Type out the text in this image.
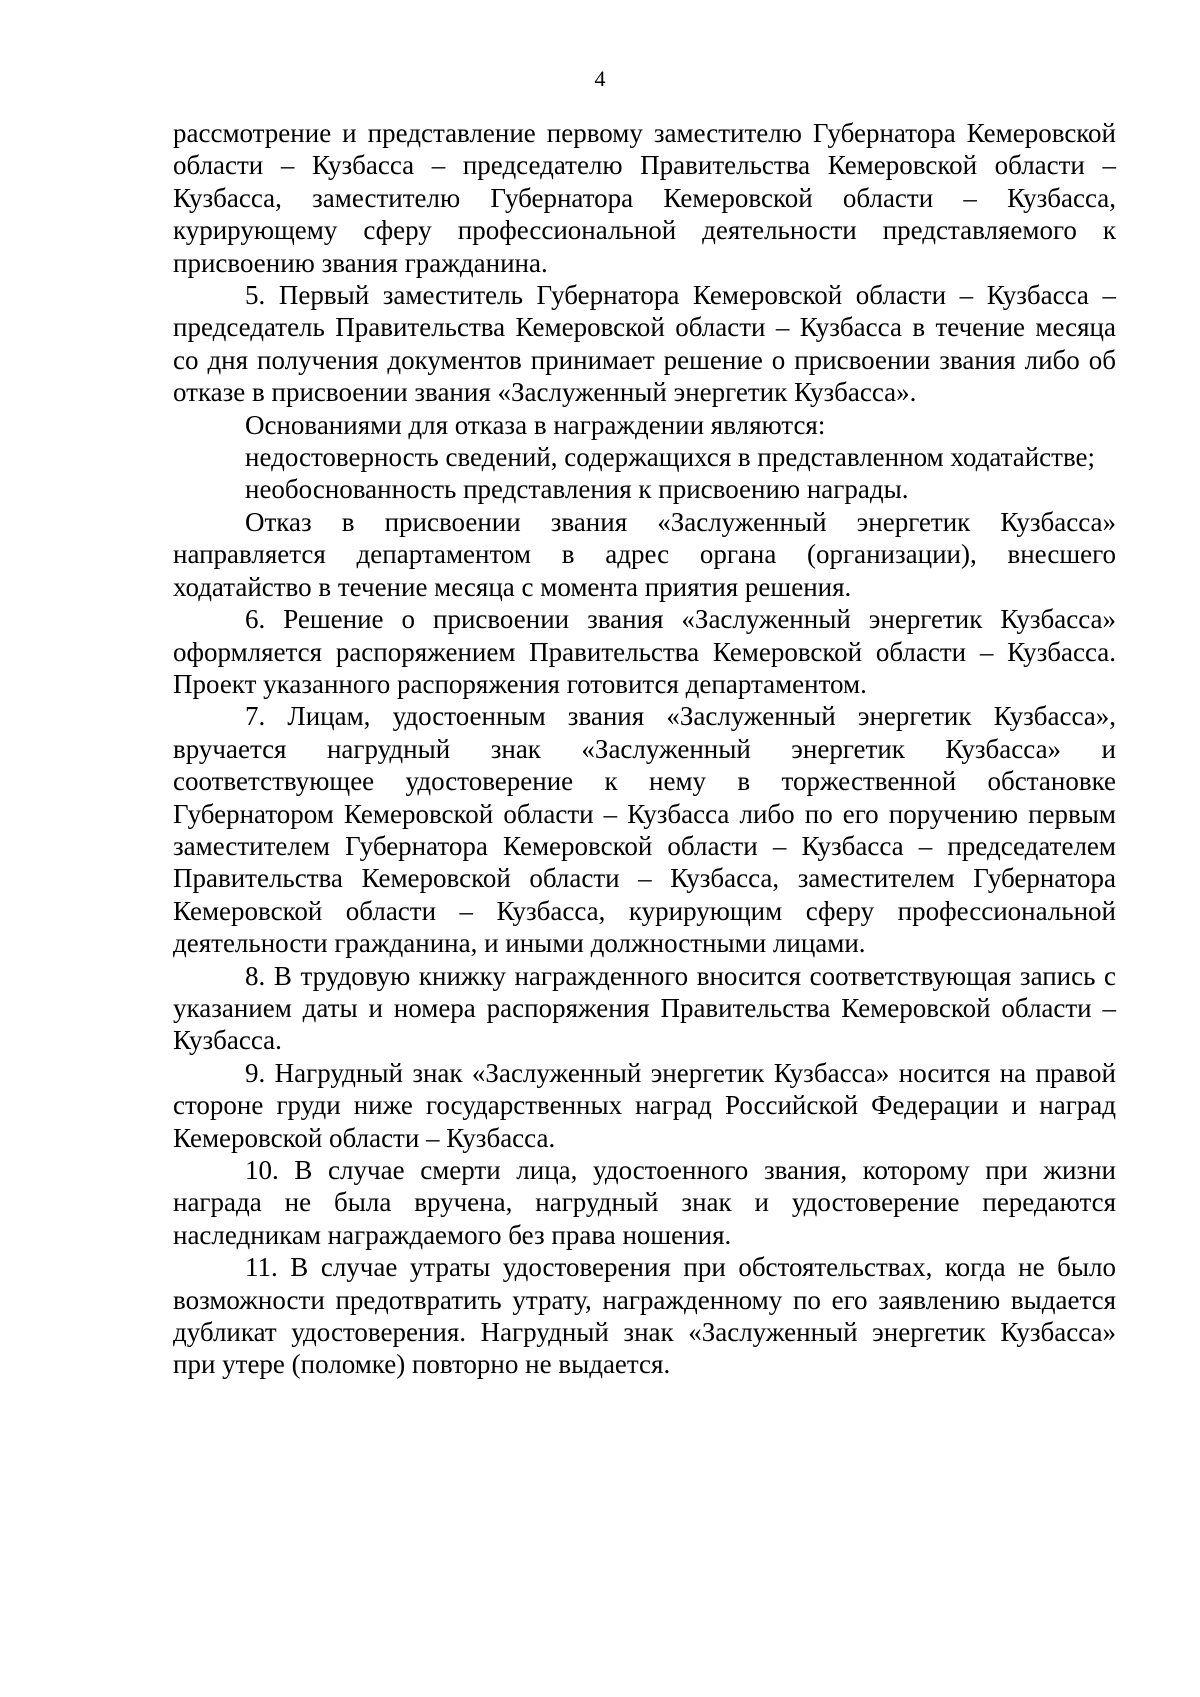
4

рассмотрение и представление первому заместителю Губернатора Кемеровской области – Кузбасса – председателю Правительства Кемеровской области – Кузбасса, заместителю Губернатора Кемеровской области – Кузбасса, курирующему сферу профессиональной деятельности представляемого к присвоению звания гражданина.

5. Первый заместитель Губернатора Кемеровской области – Кузбасса – председатель Правительства Кемеровской области – Кузбасса в течение месяца со дня получения документов принимает решение о присвоении звания либо об отказе в присвоении звания «Заслуженный энергетик Кузбасса».

Основаниями для отказа в награждении являются:

недостоверность сведений, содержащихся в представленном ходатайстве;

необоснованность представления к присвоению награды.

Отказ в присвоении звания «Заслуженный энергетик Кузбасса» направляется департаментом в адрес органа (организации), внесшего ходатайство в течение месяца с момента приятия решения.

6. Решение о присвоении звания «Заслуженный энергетик Кузбасса» оформляется распоряжением Правительства Кемеровской области – Кузбасса. Проект указанного распоряжения готовится департаментом.

7. Лицам, удостоенным звания «Заслуженный энергетик Кузбасса», вручается нагрудный знак «Заслуженный энергетик Кузбасса» и соответствующее удостоверение к нему в торжественной обстановке Губернатором Кемеровской области – Кузбасса либо по его поручению первым заместителем Губернатора Кемеровской области – Кузбасса – председателем Правительства Кемеровской области – Кузбасса, заместителем Губернатора Кемеровской области – Кузбасса, курирующим сферу профессиональной деятельности гражданина, и иными должностными лицами.

8. В трудовую книжку награжденного вносится соответствующая запись с указанием даты и номера распоряжения Правительства Кемеровской области – Кузбасса.

9. Нагрудный знак «Заслуженный энергетик Кузбасса» носится на правой стороне груди ниже государственных наград Российской Федерации и наград Кемеровской области – Кузбасса.

10. В случае смерти лица, удостоенного звания, которому при жизни награда не была вручена, нагрудный знак и удостоверение передаются наследникам награждаемого без права ношения.

11. В случае утраты удостоверения при обстоятельствах, когда не было возможности предотвратить утрату, награжденному по его заявлению выдается дубликат удостоверения. Нагрудный знак «Заслуженный энергетик Кузбасса» при утере (поломке) повторно не выдается.
